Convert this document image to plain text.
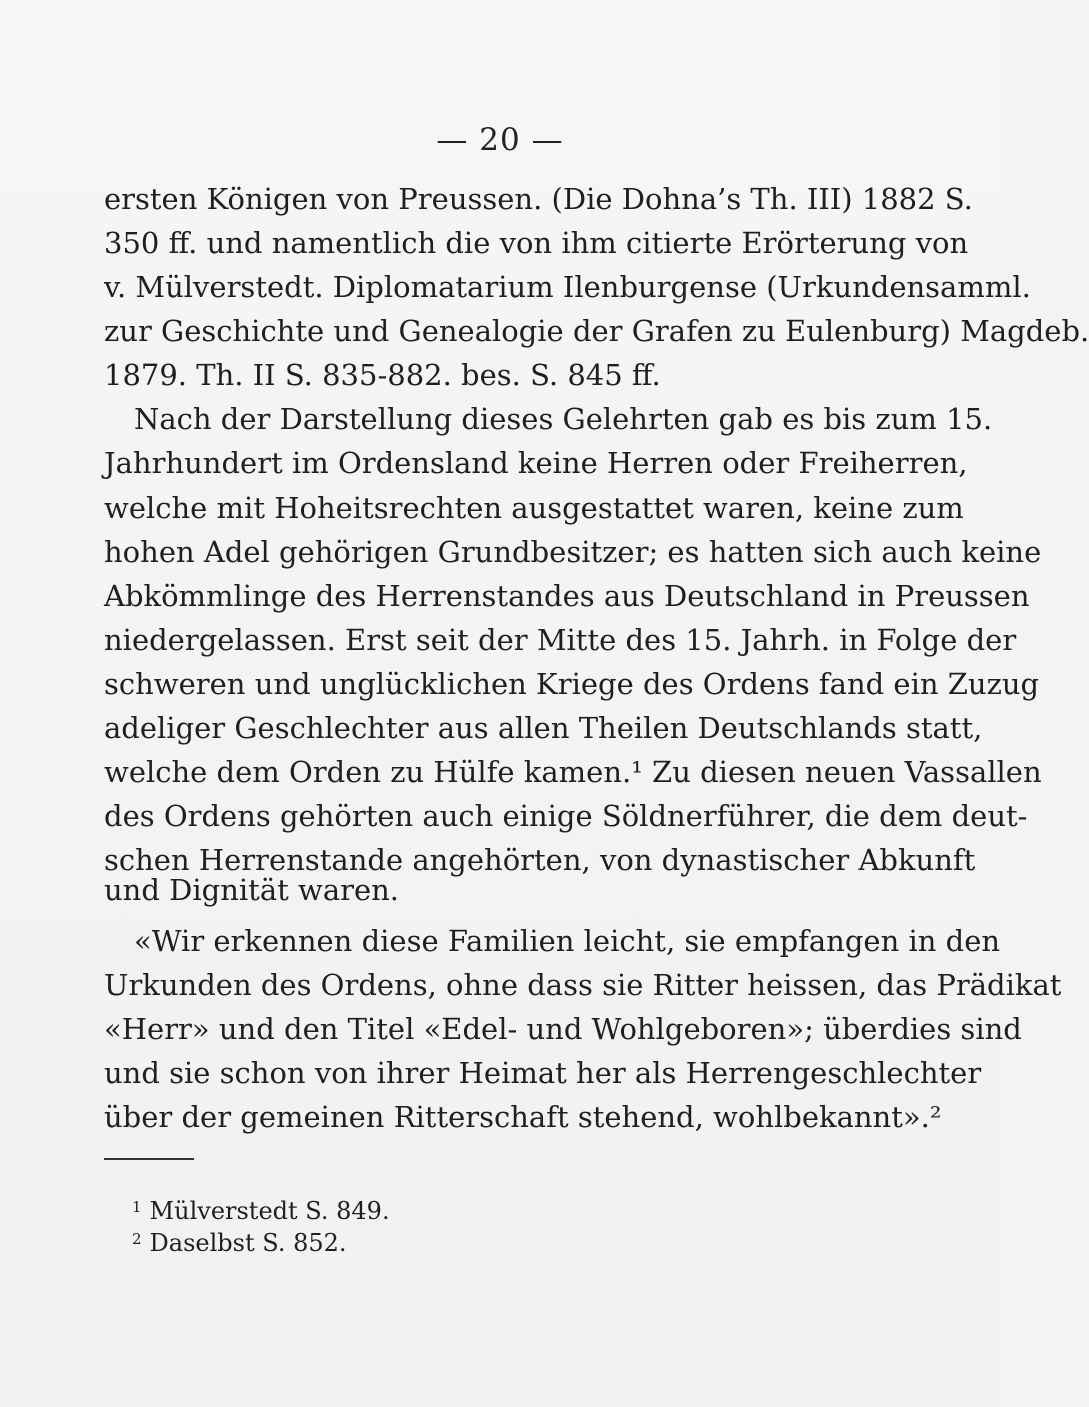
— 20 —
ersten Königen von Preussen. (Die Dohna’s Th. III) 1882 S.
350 ff. und namentlich die von ihm citierte Erörterung von
v. Mülverstedt. Diplomatarium Ilenburgense (Urkundensamml.
zur Geschichte und Genealogie der Grafen zu Eulenburg) Magdeb.
1879. Th. II S. 835-882. bes. S. 845 ff.
Nach der Darstellung dieses Gelehrten gab es bis zum 15.
Jahrhundert im Ordensland keine Herren oder Freiherren,
welche mit Hoheitsrechten ausgestattet waren, keine zum
hohen Adel gehörigen Grundbesitzer; es hatten sich auch keine
Abkömmlinge des Herrenstandes aus Deutschland in Preussen
niedergelassen. Erst seit der Mitte des 15. Jahrh. in Folge der
schweren und unglücklichen Kriege des Ordens fand ein Zuzug
adeliger Geschlechter aus allen Theilen Deutschlands statt,
welche dem Orden zu Hülfe kamen.¹ Zu diesen neuen Vassallen
des Ordens gehörten auch einige Söldnerführer, die dem deut-
schen Herrenstande angehörten, von dynastischer Abkunft
und Dignität waren.
«Wir erkennen diese Familien leicht, sie empfangen in den
Urkunden des Ordens, ohne dass sie Ritter heissen, das Prädikat
«Herr» und den Titel «Edel- und Wohlgeboren»; überdies sind
und sie schon von ihrer Heimat her als Herrengeschlechter
über der gemeinen Ritterschaft stehend, wohlbekannt».²
$^1$ Mülverstedt S. 849.
$^2$ Daselbst S. 852.
